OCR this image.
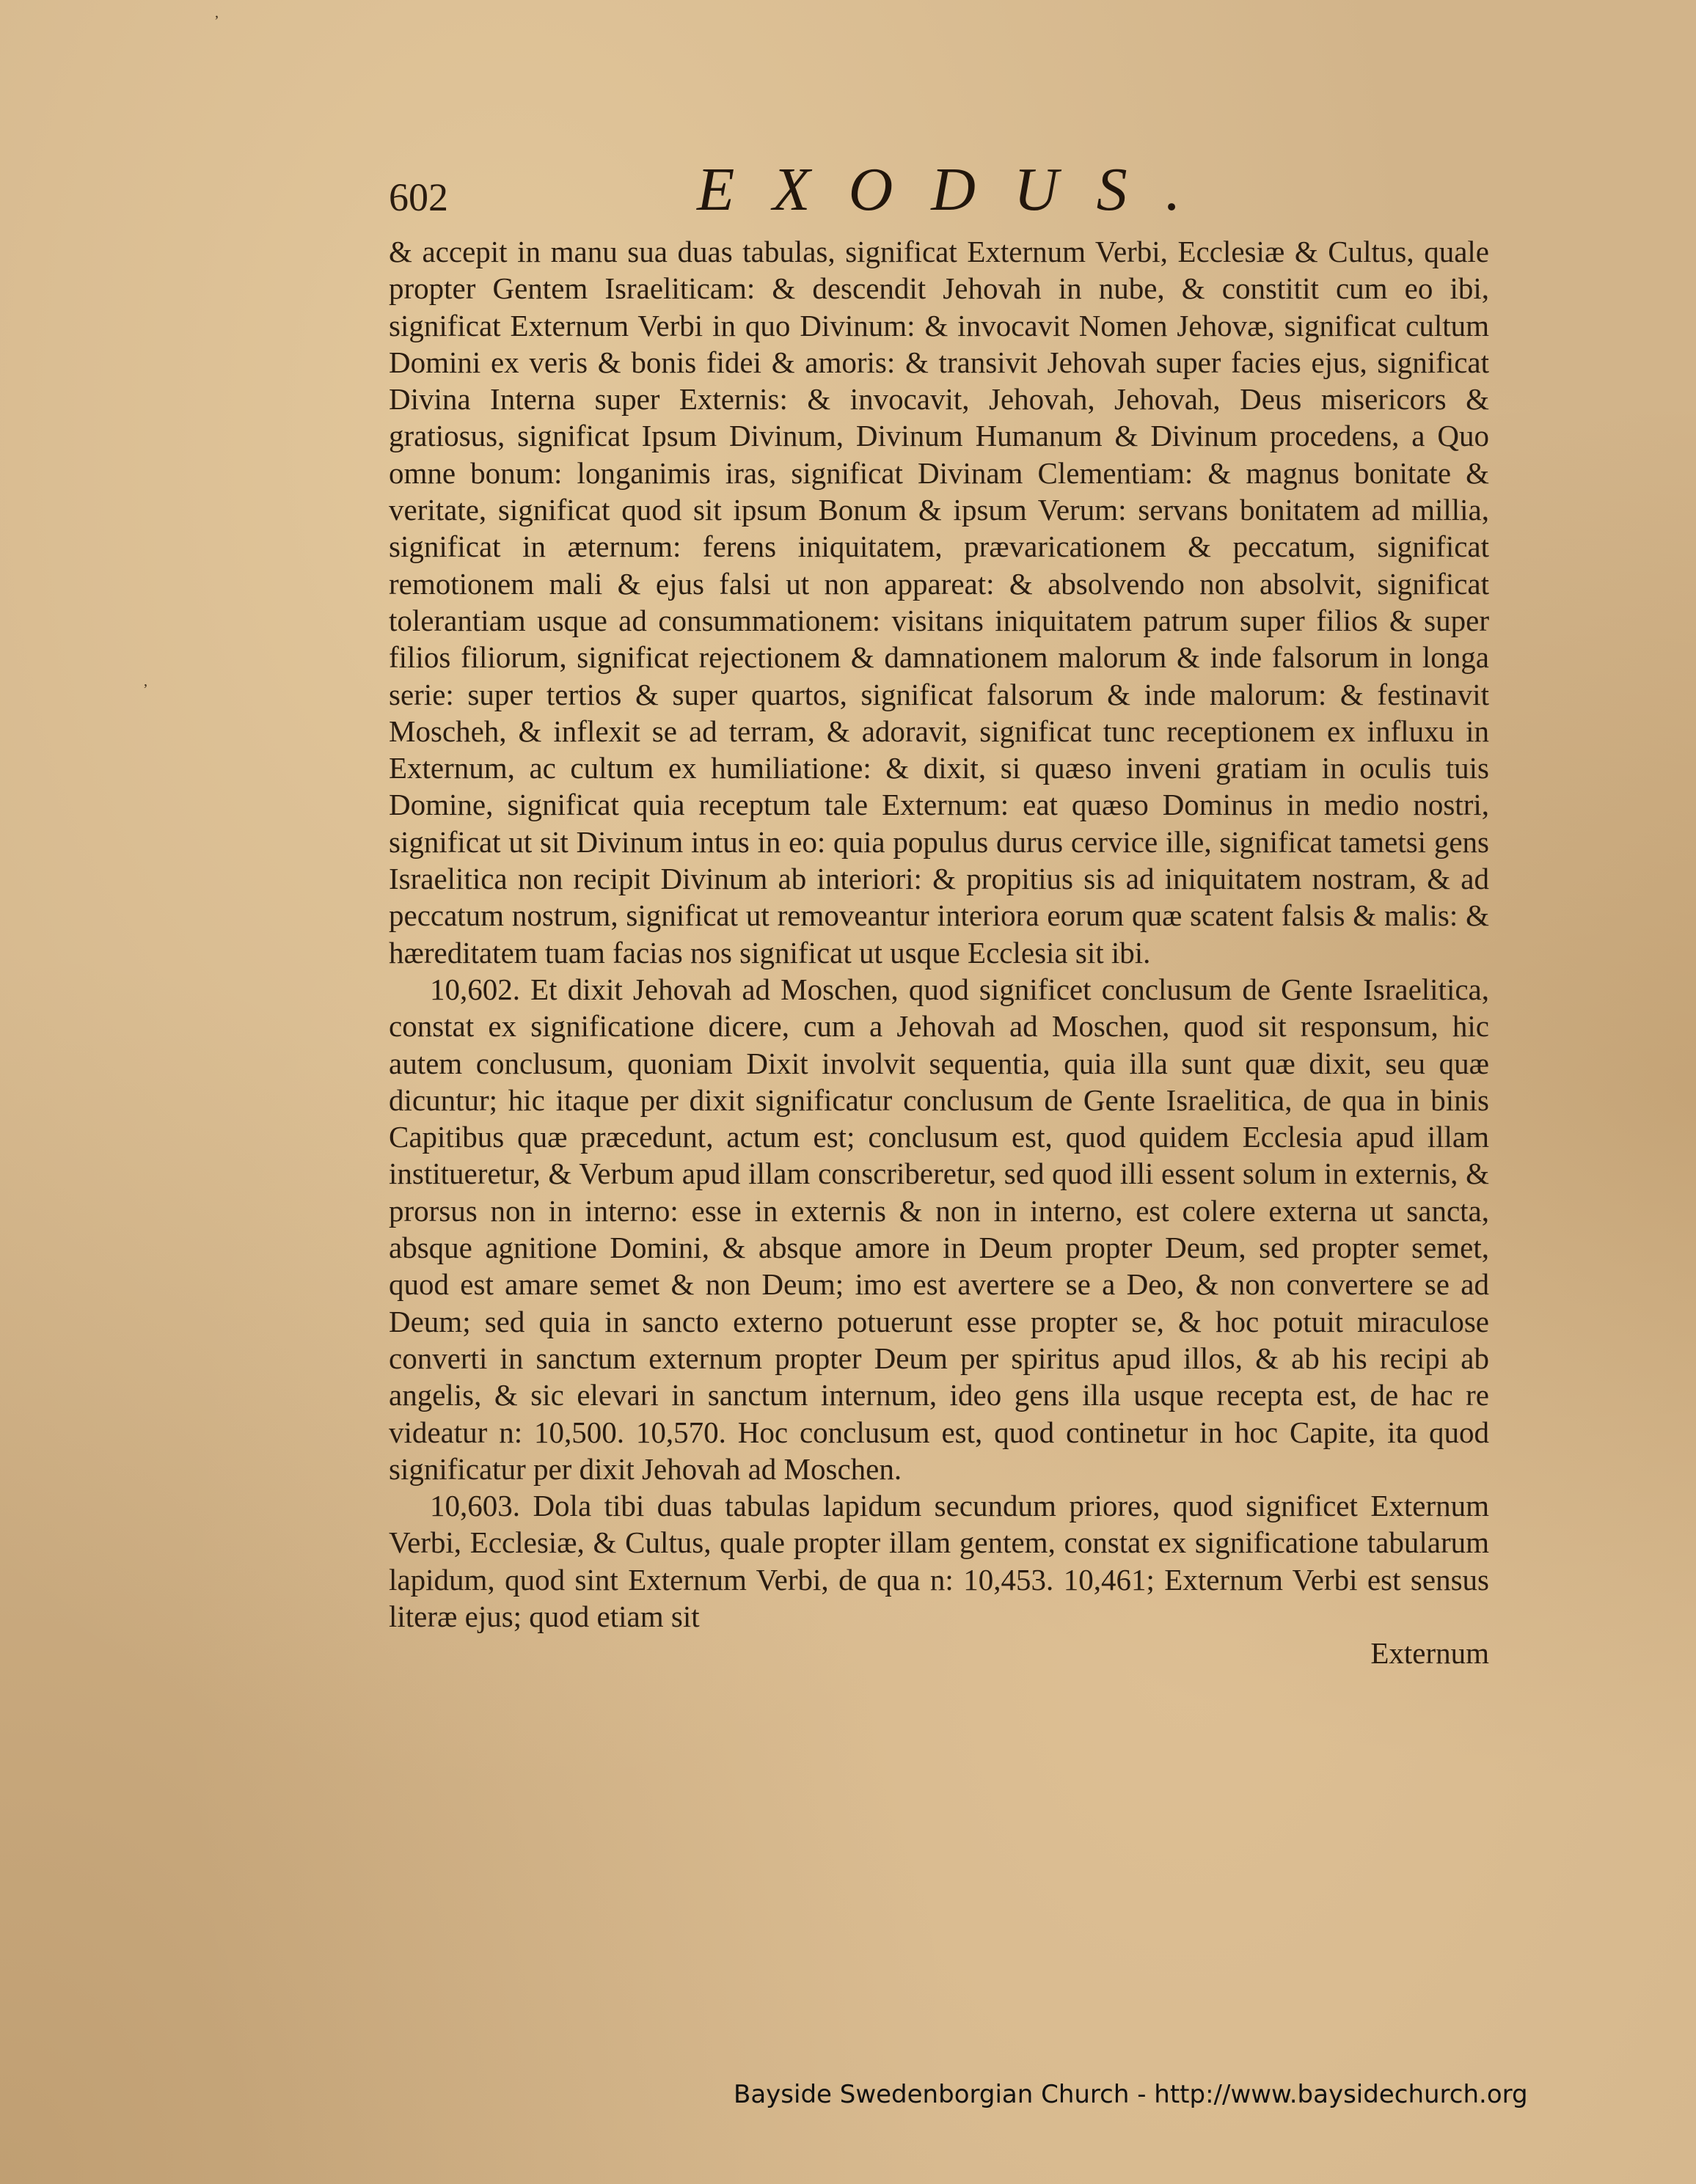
ʼ
,
602	EXODUS.

& accepit in manu sua duas tabulas, significat Externum Verbi, Ecclesiæ & Cultus, quale propter Gentem Israeliticam: & descendit Jehovah in nube, & constitit cum eo ibi, significat Externum Verbi in quo Divinum: & invocavit Nomen Jehovæ, significat cultum Domini ex veris & bonis fidei & amoris: & transivit Jehovah super facies ejus, significat Divina Interna super Externis: & invocavit, Jehovah, Jehovah, Deus misericors & gratiosus, significat Ipsum Divinum, Divinum Humanum & Divinum procedens, a Quo omne bonum: longanimis iras, significat Divinam Clementiam: & magnus bonitate & veritate, significat quod sit ipsum Bonum & ipsum Verum: servans bonitatem ad millia, significat in æternum: ferens iniquitatem, prævaricationem & peccatum, significat remotionem mali & ejus falsi ut non appareat: & absolvendo non absolvit, significat tolerantiam usque ad consummationem: visitans iniquitatem patrum super filios & super filios filiorum, significat rejectionem & damnationem malorum & inde falsorum in longa serie: super tertios & super quartos, significat falsorum & inde malorum: & festinavit Moscheh, & inflexit se ad terram, & adoravit, significat tunc receptionem ex influxu in Externum, ac cultum ex humiliatione: & dixit, si quæso inveni gratiam in oculis tuis Domine, significat quia receptum tale Externum: eat quæso Dominus in medio nostri, significat ut sit Divinum intus in eo: quia populus durus cervice ille, significat tametsi gens Israelitica non recipit Divinum ab interiori: & propitius sis ad iniquitatem nostram, & ad peccatum nostrum, significat ut removeantur interiora eorum quæ scatent falsis & malis: & hæreditatem tuam facias nos significat ut usque Ecclesia sit ibi.

10,602. Et dixit Jehovah ad Moschen, quod significet conclusum de Gente Israelitica, constat ex significatione dicere, cum a Jehovah ad Moschen, quod sit responsum, hic autem conclusum, quoniam Dixit involvit sequentia, quia illa sunt quæ dixit, seu quæ dicuntur; hic itaque per dixit significatur conclusum de Gente Israelitica, de qua in binis Capitibus quæ præcedunt, actum est; conclusum est, quod quidem Ecclesia apud illam institueretur, & Verbum apud illam conscriberetur, sed quod illi essent solum in externis, & prorsus non in interno: esse in externis & non in interno, est colere externa ut sancta, absque agnitione Domini, & absque amore in Deum propter Deum, sed propter semet, quod est amare semet & non Deum; imo est avertere se a Deo, & non convertere se ad Deum; sed quia in sancto externo potuerunt esse propter se, & hoc potuit miraculose converti in sanctum externum propter Deum per spiritus apud illos, & ab his recipi ab angelis, & sic elevari in sanctum internum, ideo gens illa usque recepta est, de hac re videatur n: 10,500. 10,570. Hoc conclusum est, quod continetur in hoc Capite, ita quod significatur per dixit Jehovah ad Moschen.

10,603. Dola tibi duas tabulas lapidum secundum priores, quod significet Externum Verbi, Ecclesiæ, & Cultus, quale propter illam gentem, constat ex significatione tabularum lapidum, quod sint Externum Verbi, de qua n: 10,453. 10,461; Externum Verbi est sensus literæ ejus; quod etiam sit

Externum

Bayside Swedenborgian Church - http://www.baysidechurch.org
